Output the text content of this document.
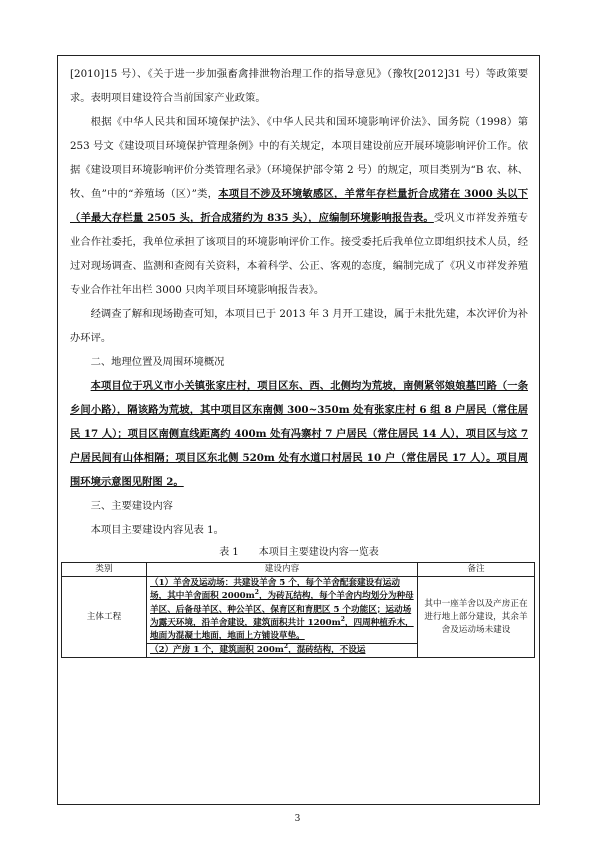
[2010]15 号）、《关于进一步加强畜禽排泄物治理工作的指导意见》（豫牧[2012]31 号）等政策要求。表明项目建设符合当前国家产业政策。

根据《中华人民共和国环境保护法》、《中华人民共和国环境影响评价法》、国务院（1998）第 253 号文《建设项目环境保护管理条例》中的有关规定，本项目建设前应开展环境影响评价工作。依据《建设项目环境影响评价分类管理名录》（环境保护部令第 2 号）的规定，项目类别为“B 农、林、牧、鱼”中的“养殖场（区）”类，本项目不涉及环境敏感区，羊常年存栏量折合成猪在 3000 头以下（羊最大存栏量 2505 头，折合成猪约为 835 头），应编制环境影响报告表。受巩义市祥发养殖专业合作社委托，我单位承担了该项目的环境影响评价工作。接受委托后我单位立即组织技术人员，经过对现场调查、监测和查阅有关资料，本着科学、公正、客观的态度，编制完成了《巩义市祥发养殖专业合作社年出栏 3000 只肉羊项目环境影响报告表》。

经调查了解和现场勘查可知，本项目已于 2013 年 3 月开工建设，属于未批先建，本次评价为补办环评。

二、地理位置及周围环境概况

本项目位于巩义市小关镇张家庄村，项目区东、西、北侧均为荒坡，南侧紧邻娘娘墓凹路（一条乡间小路），隔该路为荒坡，其中项目区东南侧 300~350m 处有张家庄村 6 组 8 户居民（常住居民 17 人）；项目区南侧直线距离约 400m 处有冯寨村 7 户居民（常住居民 14 人），项目区与这 7 户居民间有山体相隔；项目区东北侧 520m 处有水道口村居民 10 户（常住居民 17 人）。项目周围环境示意图见附图 2。

三、主要建设内容

本项目主要建设内容见表 1。

表 1　　本项目主要建设内容一览表
类别	建设内容	备注
主体工程	（1）羊舍及运动场：共建设羊舍 5 个，每个羊舍配套建设有运动场，其中羊舍面积 $2000m^2$，为砖瓦结构，每个羊舍内均划分为种母羊区、后备母羊区、种公羊区、保育区和育肥区 5 个功能区；运动场为露天环境，沿羊舍建设，建筑面积共计 $1200m^2$，四周种植乔木，地面为混凝土地面，地面上方铺设草垫。	其中一座羊舍以及产房正在进行地上部分建设，其余羊舍及运动场未建设
	（2）产房 1 个，建筑面积 $200m^2$，混砖结构，不设运	
3
